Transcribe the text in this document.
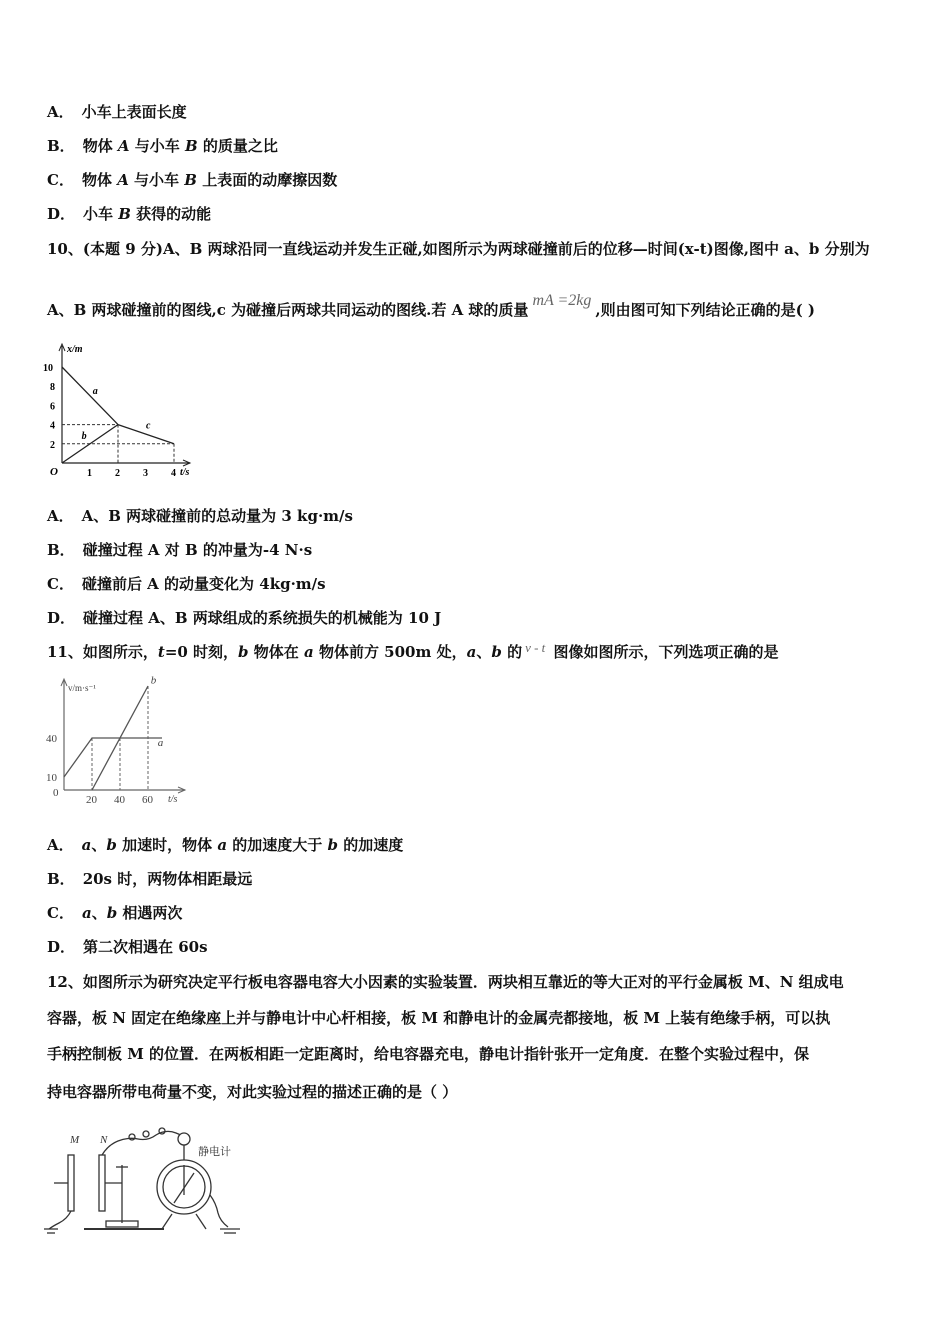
A． 小车上表面长度
B． 物体 A 与小车 B 的质量之比
C． 物体 A 与小车 B 上表面的动摩擦因数
D． 小车 B 获得的动能
10、(本题 9 分)A、B 两球沿同一直线运动并发生正碰,如图所示为两球碰撞前后的位移—时间(x-t)图像,图中 a、b 分别为
A、B 两球碰撞前的图线,c 为碰撞后两球共同运动的图线.若 A 球的质量mA =2kg,则由图可知下列结论正确的是( )
x/m
t/s
O	1 2 3 4
2
4
6
8
10
a
b
c
A． A、B 两球碰撞前的总动量为 3 kg·m/s
B． 碰撞过程 A 对 B 的冲量为-4 N·s
C． 碰撞前后 A 的动量变化为 4kg·m/s
D． 碰撞过程 A、B 两球组成的系统损失的机械能为 10 J
11、如图所示，t=0 时刻，b 物体在 a 物体前方 500m 处，a、b 的 v - t 图像如图所示，下列选项正确的是
v/m·s⁻¹
t/s
0
20 40 60
10
40	a
b
A． a、b 加速时，物体 a 的加速度大于 b 的加速度
B． 20s 时，两物体相距最远
C． a、b 相遇两次
D． 第二次相遇在 60s
12、如图所示为研究决定平行板电容器电容大小因素的实验装置．两块相互靠近的等大正对的平行金属板 M、N 组成电
容器，板 N 固定在绝缘座上并与静电计中心杆相接，板 M 和静电计的金属壳都接地，板 M 上装有绝缘手柄，可以执
手柄控制板 M 的位置．在两板相距一定距离时，给电容器充电，静电计指针张开一定角度．在整个实验过程中，保
持电容器所带电荷量不变，对此实验过程的描述正确的是（ ）
M N
静电计
